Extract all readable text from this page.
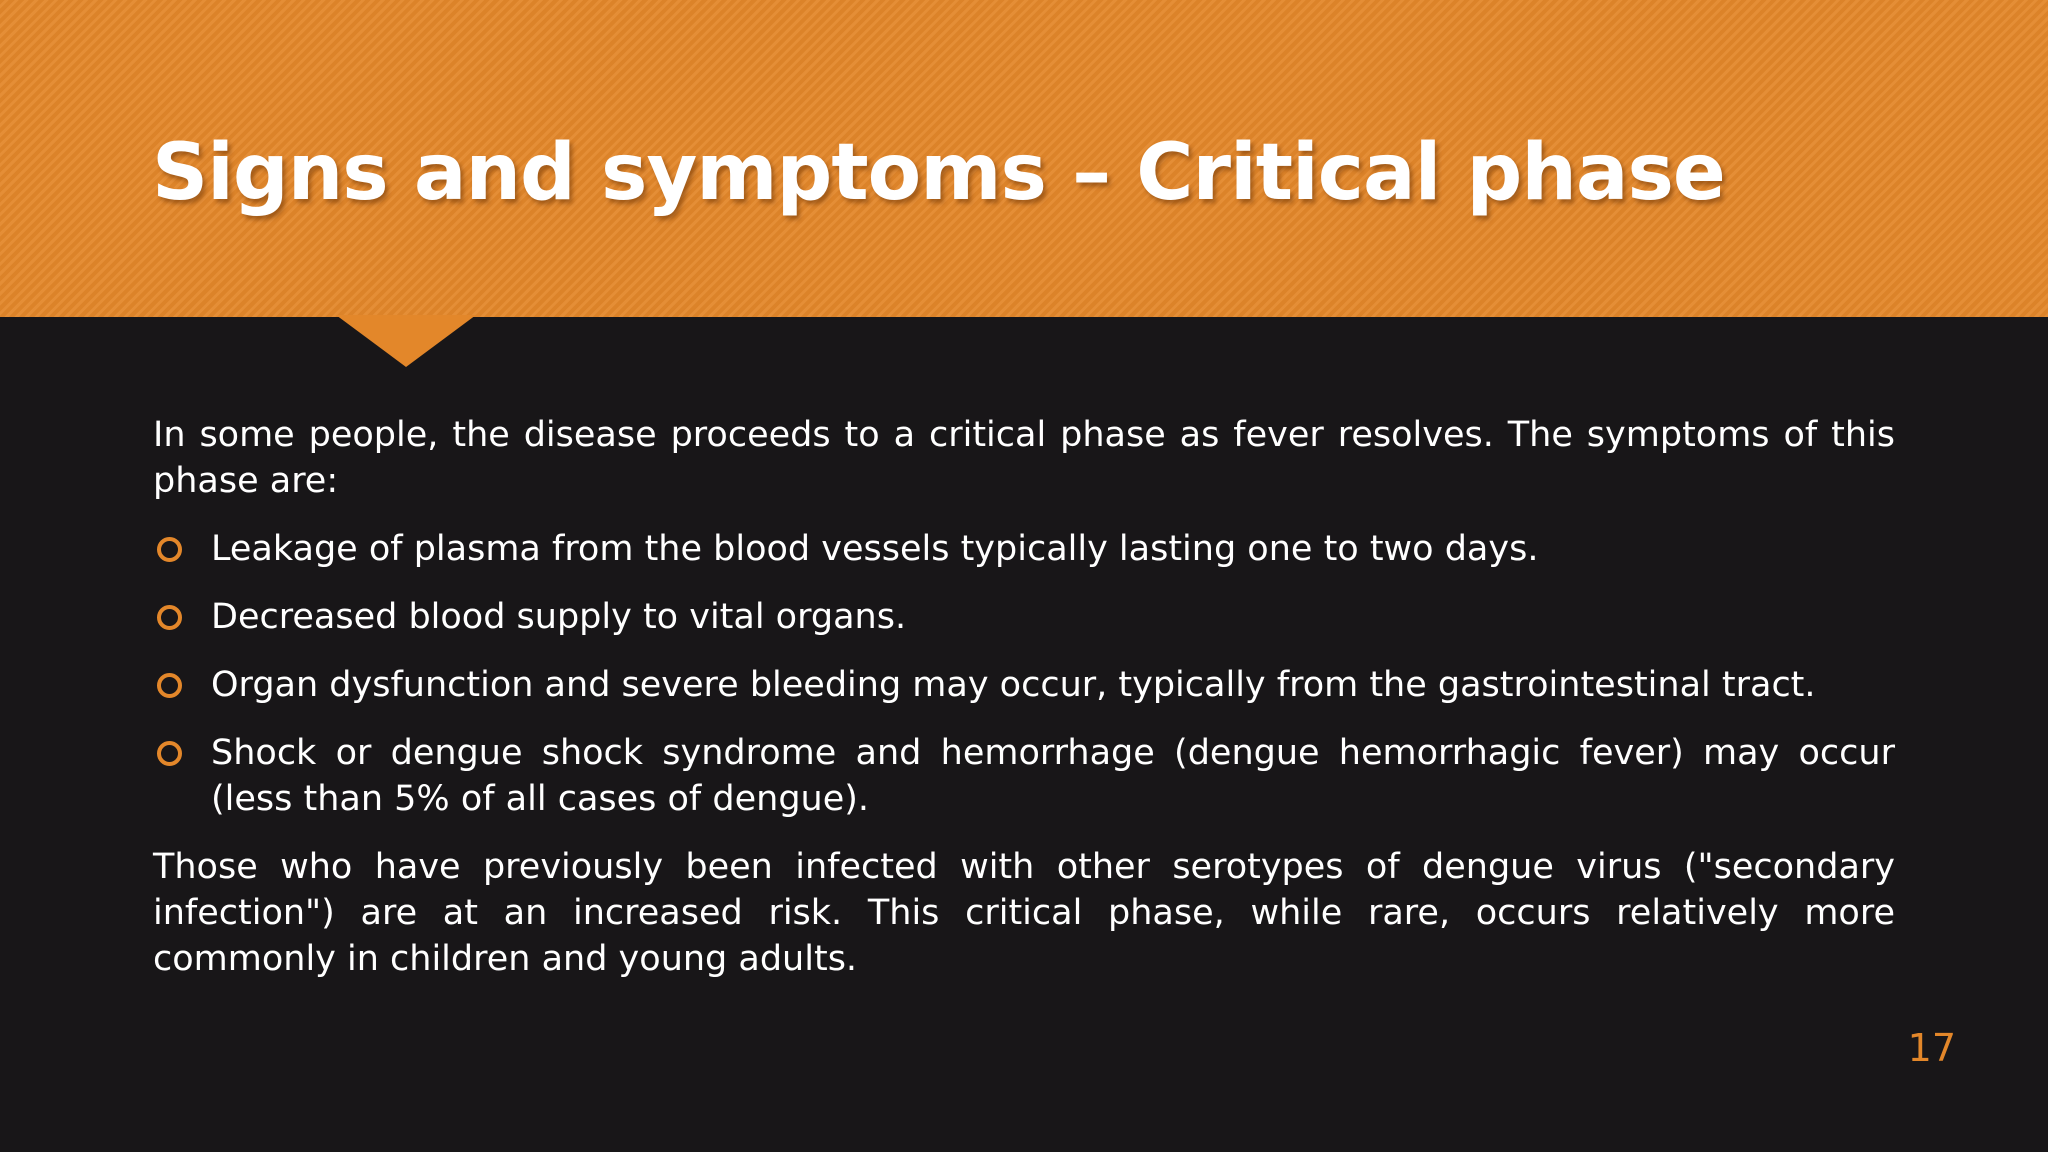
Signs and symptoms – Critical phase

In some people, the disease proceeds to a critical phase as fever resolves. The symptoms of this phase are:

Leakage of plasma from the blood vessels typically lasting one to two days.
Decreased blood supply to vital organs.
Organ dysfunction and severe bleeding may occur, typically from the gastrointestinal tract.
Shock or dengue shock syndrome and hemorrhage (dengue hemorrhagic fever) may occur (less than 5% of all cases of dengue).

Those who have previously been infected with other serotypes of dengue virus ("secondary infection") are at an increased risk. This critical phase, while rare, occurs relatively more commonly in children and young adults.

17
